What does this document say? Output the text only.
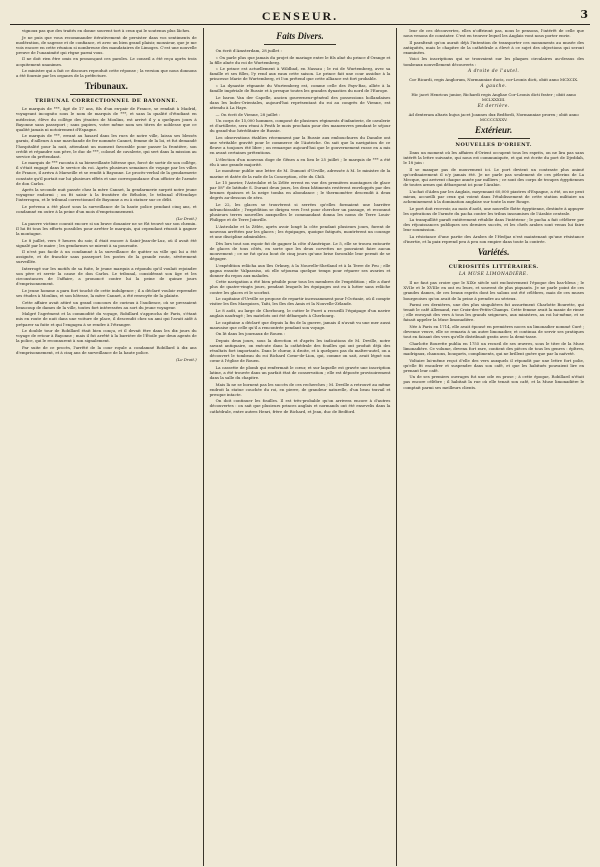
CENSEUR.	3

vignoux pas que des traités en donne souvent tort à ceux qui le soutenus plus lâches.

Je ne puis que vous recommander itérativement de persister dans vos sentiments de modération, de sagesse et de confiance, et avec un bien grand plaisir, monsieur, que je me vois encore en cette réunion si nombreuse des mandataires de Limoges. C'est une nouvelle preuve de l'unanimité qui règne parmi vous.

Il ne doit rien être omis en prononçant ces paroles. Le conseil a été reçu après trois acquitement unanimes.

Le ministre qui a fait ce discours reproduit cette réponse ; la version que nous donnons a été fournie par les organes de la préfecture.

Tribunaux.
TRIBUNAL CORRECTIONNEL DE BAYONNE.

Le marquis de ***, âgé de 17 ans, fils d'un ex-pair de France, se rendait à Madrid, voyageant incognito sous le nom de marquis de ***, et sans la qualité d'étudiant en médecine, élève du collège des jésuites de Moulins, est arrivé il y a quelques jours à Bayonne sans passeport ; sans papiers, votre même nom ses titres de noblesse que ce qualité jamais ni notoirement d'Espagne.

Le marquis de ***, errant au hasard dans les rues de notre ville, laissa ses blessés garnis, d'ailleurs à une marchande de fer nommée Cannet, femme de la loi, et fut demandé l'hospitalité pour la nuit, attendant un moment favorable pour passer la frontière, son crédit et répandre son père, le duc de ***, colonel de cavalerie, qui sert dans la mission au service du prétendant.

Le marquis de *** raconta à sa bienveillante hôtesse que, forcé de sortir de son collège, il s'était engagé dans le service du roi. Après plusieurs semaines de voyage par les villes de France, il arriva à Marseille et se rendit à Bayonne. Le procès-verbal de la gendarmerie constate qu'il portait sur lui plusieurs effets et une correspondance d'un officier de l'armée de don Carlos.

Après la seconde nuit passée chez la mère Cannet, la gendarmerie surprit notre jeune voyageur endormi ; on fit saisir à la frontière de Béhobie, le tribunal d'Hendaye l'interrogea, et le tribunal correctionnel de Bayonne a eu à statuer sur ce délit.

Le prévenu a été placé sous la surveillance de la haute police pendant cinq ans, et condamné en outre à la peine d'un mois d'emprisonnement.

(Le Droit.)

La pauvre victime courait encore si un brave douanier ne se fût trouvé sur son chemin. Il lui fit tous les efforts possibles pour arrêter le marquis, qui cependant réussit à gagner la montagne.

Le 8 juillet, vers 9 heures du soir, il était encore à Saint-Jean-de-Luz, où il avait été signalé par le maire ; les gendarmes se mirent à sa poursuite.

Il n'est pas facile à un condamné à la surveillance de quitter sa ville qui lui a été assignée, et de franchir sans passeport les postes de la grande route, sévèrement surveillée.

Interrogé sur les motifs de sa fuite, le jeune marquis a répondu qu'il voulait rejoindre son père et servir la cause de don Carlos. Le tribunal, considérant son âge et les circonstances de l'affaire, a prononcé contre lui la peine de quinze jours d'emprisonnement.

Le jeune homme a paru fort touché de cette indulgence ; il a déclaré vouloir reprendre ses études à Moulins, et son hôtesse, la mère Cannet, a été renvoyée de la plainte.

Cette affaire avait attiré un grand concours de curieux à l'audience, où se pressaient beaucoup de dames de la ville, toutes fort intéressées au sort du jeune voyageur.

Malgré l'agrément et la commodité du voyage, Robillard s'approcha de Paris, s'étant mis en route de nuit dans une voiture de place, il descendit chez un ami qui l'avait aidé à préparer sa fuite et qui l'engagea à se rendre à l'étranger.

Le double tour de Robillard était bien conçu, et il devait être dans les dix jours du voyage de retour à Bayonne ; mais il fut arrêté à la barrière de l'Étoile par deux agents de la police, qui le reconnurent à son signalement.

Par suite de ce procès, l'arrêté de la cour royale a condamné Robillard à dix ans d'emprisonnement, et à cinq ans de surveillance de la haute police.

(Le Droit.)
Faits Divers.

On écrit d'Amsterdam, 28 juillet :

« On parle plus que jamais du projet de mariage entre le fils aîné du prince d'Orange et la fille aînée du roi de Wurtemberg.

« Le prince est actuellement à Wildbad, en Nassau ; le roi de Wurtemberg, avec sa famille et ses filles, l'y rend aux eaux cette saison. Le prince fait une cour assidue à la princesse Marie de Wurtemberg, et l'on prétend que cette alliance est fort probable.

« La dynastie régnante du Wurtemberg est, comme celle des Pays-Bas, alliée à la famille impériale de Russie et à presque toutes les grandes dynasties du nord de l'Europe.

Le baron Van der Capelle, ancien gouverneur-général des possessions hollandaises dans les Indes-Orientales, aujourd'hui représentant du roi au congrès de Vienne, est attendu à La Haye.

— On écrit de Vienne, 28 juillet :

Un corps de 15,000 hommes, composé de plusieurs régiments d'infanterie, de cavalerie et d'artillerie, sera réuni à Pesth le mois prochain pour des manœuvres pendant le séjour du grand-duc héréditaire de Russie.

Les observations établies récemment par la Russie aux embouchures du Danube ont une véritable gravité pour le commerce de l'Autriche. On sait que la navigation de ce fleuve a toujours été libre ; on remarque aujourd'hui que le gouvernement russe en a mis en avant certaines prétentions.

L'élection d'un nouveau doge de Gênes a eu lieu le 25 juillet ; le marquis de *** a été élu à une grande majorité.

Le moniteur publie une lettre de M. Dumont d'Urville, adressée à M. le ministre de la marine et datée de la rade de la Conception, côte du Chili.

Le 15 janvier, l'Astrolabe et la Zélée errent en vue des premières montagnes de glace par 58° de latitude S. Durant deux jours, les deux bâtiments restèrent enveloppés par des brumes épaisses et la neige tomba en abondance ; le thermomètre descendit à deux degrés au-dessous de zéro.

Le 22, les glaces se trouvèrent si serrées qu'elles formaient une barrière infranchissable ; l'expédition se dirigea vers l'est pour chercher un passage, et reconnut plusieurs terres nouvelles auxquelles le commandant donna les noms de Terre Louis-Philippe et de Terre Joinville.

L'Astrolabe et la Zélée, après avoir longé la côte pendant plusieurs jours, furent de nouveau arrêtées par les glaces ; les équipages, quoique fatigués, montrèrent un courage et une discipline admirables.

Dès lors tout son espoir fut de gagner la côte d'Amérique. Le 5, elle se trouva entourée de glaces de tous côtés, en sorte que les deux corvettes ne pouvaient faire aucun mouvement ; ce ne fut qu'au bout de cinq jours qu'une brise favorable leur permit de se dégager.

L'expédition relâcha aux îles Orkney, à la Nouvelle-Shetland et à la Terre de Feu ; elle gagna ensuite Valparaiso, où elle séjourna quelque temps pour réparer ses avaries et donner du repos aux malades.

Cette navigation a été bien pénible pour tous les membres de l'expédition ; elle a duré plus de quatre-vingts jours, pendant lesquels les équipages ont eu à lutter sans relâche contre les glaces et le scorbut.

Le capitaine d'Urville se propose de repartir incessamment pour l'Océanie, où il compte visiter les îles Marquises, Taïti, les îles des Amis et la Nouvelle-Zélande.

Le 8 août, au large de Cherbourg, le cutter le Furet a recueilli l'équipage d'un navire anglais naufragé ; les matelots ont été débarqués à Cherbourg.

Le capitaine a déclaré que depuis la fin de la guerre, jamais il n'avait vu une mer aussi mauvaise que celle qu'il a rencontrée pendant son voyage.

On lit dans les journaux de Rouen :

Depuis deux jours, sous la direction et d'après les indications de M. Deville, notre savant antiquaire, on exécute dans la cathédrale des fouilles qui ont produit déjà des résultats fort importants. Dans le chœur, à droite, et à quelques pas du maître-autel, on a découvert le tombeau du roi Richard Cœur-de-Lion, qui, comme on sait, avait légué son cœur à l'église de Rouen.

La cassette de plomb qui renfermait le cœur, et sur laquelle est gravée une inscription latine, a été trouvée dans un parfait état de conservation ; elle est déposée provisoirement dans la salle du chapitre.

Mais là ne se bornent pas les succès de ces recherches ; M. Deville a retrouvé au même endroit la statue couchée du roi, en pierre, de grandeur naturelle, d'un beau travail et presque intacte.

On doit continuer les fouilles. Il est très-probable qu'on arrivera encore à d'autres découvertes : on sait que plusieurs princes anglais et normands ont été ensevelis dans la cathédrale, entre autres Henri, frère de Richard, et Jean, duc de Bedford.

leur de ces découvertes, elles n'offriront pas, nous le pensons, l'intérêt de celle que nous venons de constater. C'est en trouver lequel les Anglais vont nous porter envie.

Il paraîtrait qu'on aurait déjà l'intention de transporter ces monuments au musée des antiquités, mais le chapitre de la cathédrale a élevé à ce sujet des objections qui seront examinées.

Voici les inscriptions qui se trouvaient sur les plaques circulaires au-dessus des tombeaux nouvellement découverts :

A droite de l'autel.

Cor Ricardi, regis Anglorum, Normanniae ducis, cor-Leonis dicti, obiit anno MCXCIX.

A gauche.

Hic jacet Henricus junior, Richardi regis Angliae Cor-Leonis dicti frater ; obiit anno MCLXXXIII.

Et derrière.

Ad dexteram altaris hujus jacet Joannes dux Bedfordi, Normanniae prorex ; obiit anno MCCCCXXXV.

Extérieur.
NOUVELLES D'ORIENT.

Dans un moment où les affaires d'Orient occupent tous les esprits, on ne lira pas sans intérêt la lettre suivante, qui nous est communiquée, et qui est écrite du port de Djeddah, le 18 juin :

Il se manque pas de mouvement ici. Le port devient un contraste plus animé qu'ordinairement il n'y jamais été. Je ne parle pas seulement de ces pèlerins de La Mecque, qui arrivent chaque année par milliers ; ce sont des corps de troupes égyptiennes de toutes armes qui débarquent ici pour l'Arabie.

L'achat d'Aden par les Anglais, moyennant 60,000 piastres d'Espagne, a été, on ne peut mieux, accueilli par ceux qui voient dans l'établissement de cette station militaire un acheminement à la domination anglaise sur toute la mer Rouge.

Le port doit recevoir, au mois d'août, une nouvelle flotte égyptienne, destinée à appuyer les opérations de l'armée du pacha contre les tribus insoumises de l'Arabie centrale.

La tranquillité paraît entièrement rétablie dans l'intérieur ; le pacha a fait célébrer par des réjouissances publiques ses derniers succès, et les chefs arabes sont venus lui faire leur soumission.

La résistance d'une partie des Arabes de l'Hedjaz n'est maintenant qu'une résistance d'inertie, et la paix reprend peu à peu son empire dans toute la contrée.

Variétés.
CURIOSITÉS LITTÉRAIRES.
LA MUSE LIMONADIÈRE.

Il ne faut pas croire que le XIXe siècle soit exclusivement l'époque des bas-bleus ; le XVIIe et le XVIIIe en ont eu leurs, et souvent de plus piquants. Je ne parle point de ces grandes dames, de ces beaux esprits dont les salons ont été célèbres, mais de ces muses bourgeoises qu'on avait de la peine à prendre au sérieux.

Parmi ces dernières, une des plus singulières fut assurément Charlotte Bourette, qui tenait le café Allemand, rue Croix-des-Petits-Champs. Cette femme avait la manie de rimer ; elle envoyait des vers à tous les grands seigneurs, aux ministres, au roi lui-même, et se faisait appeler la Muse limonadière.

Née à Paris en 1714, elle avait épousé en premières noces un limonadier nommé Curé ; devenue veuve, elle se remaria à un autre limonadier, et continua de servir ses pratiques tout en faisant des vers qu'elle distribuait gratis avec la demi-tasse.

Charlotte Bourette publia en 1755 un recueil de ses œuvres, sous le titre de la Muse limonadière. Ce volume, devenu fort rare, contient des pièces de tous les genres : épîtres, madrigaux, chansons, bouquets, compliments, qui ne brillent guère que par la naïveté.

Voltaire lui-même reçut d'elle des vers auxquels il répondit par une lettre fort polie, qu'elle fit encadrer et suspendre dans son café, et que les habitués pouvaient lire en prenant leur café.

Un de ses premiers ouvrages fut une ode en prose ; à cette époque, Robillard n'était pas encore célèbre ; il habitait la rue où elle tenait son café, et la Muse limonadière le comptait parmi ses meilleurs clients.
